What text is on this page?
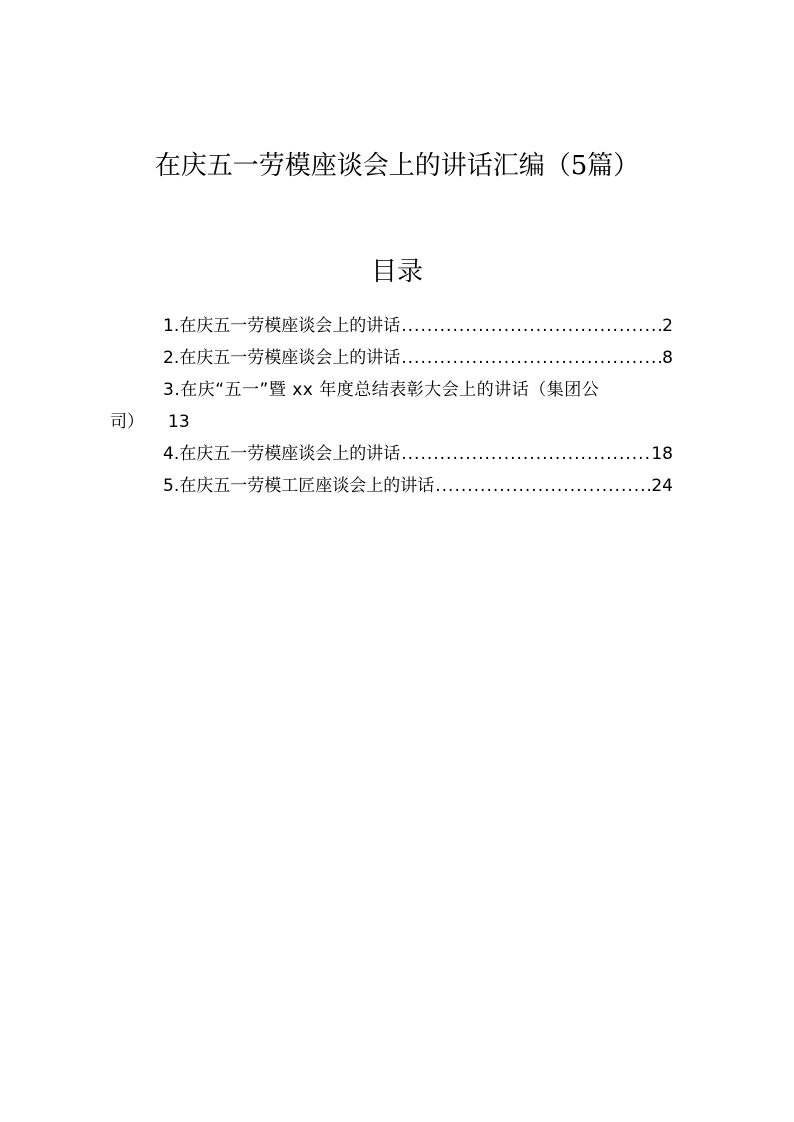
在庆五一劳模座谈会上的讲话汇编（5篇）
目录
1.在庆五一劳模座谈会上的讲话 .....	2
2.在庆五一劳模座谈会上的讲话 .....	8
3.在庆“五一”暨 xx 年度总结表彰大会上的讲话（集团公
司） 13
4.在庆五一劳模座谈会上的讲话 .....	18
5.在庆五一劳模工匠座谈会上的讲话 .....	24
